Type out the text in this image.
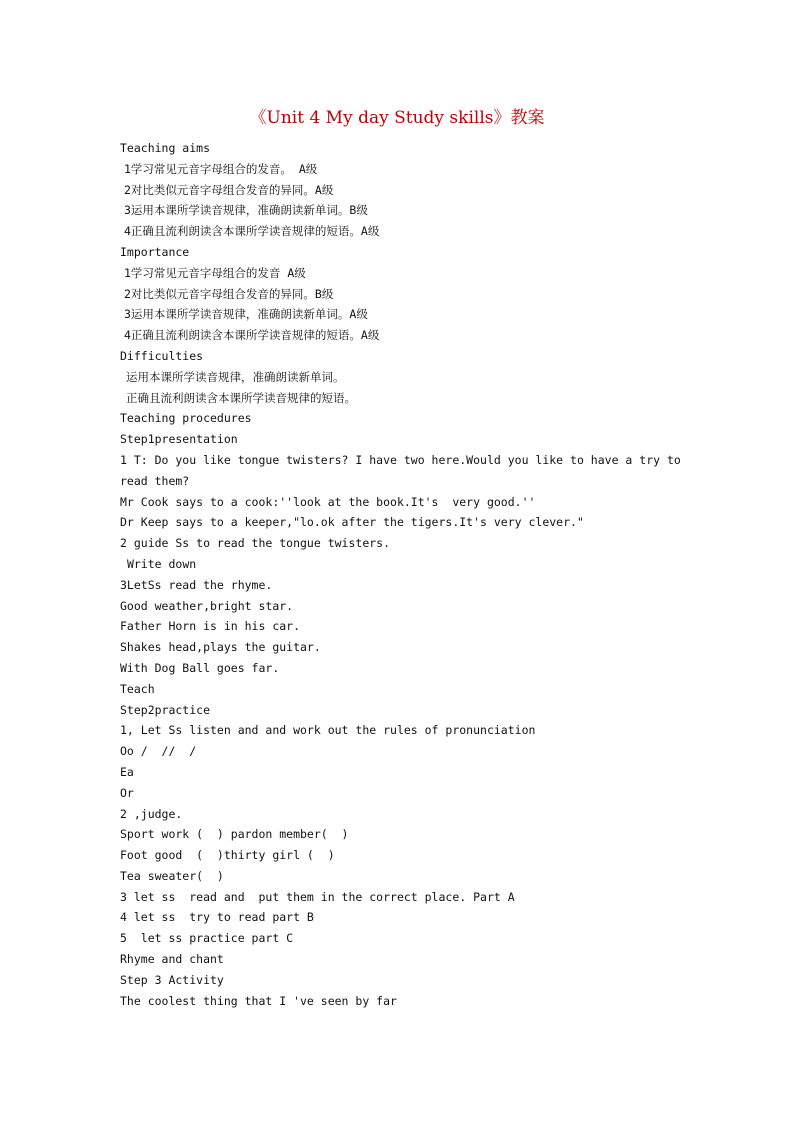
《Unit 4 My day Study skills》教案
Teaching aims
1学习常见元音字母组合的发音。 A级
2对比类似元音字母组合发音的异同。A级
3运用本课所学读音规律，准确朗读新单词。B级
4正确且流利朗读含本课所学读音规律的短语。A级
Importance
1学习常见元音字母组合的发音 A级
2对比类似元音字母组合发音的异同。B级
3运用本课所学读音规律，准确朗读新单词。A级
4正确且流利朗读含本课所学读音规律的短语。A级
Difficulties
运用本课所学读音规律，准确朗读新单词。
正确且流利朗读含本课所学读音规律的短语。
Teaching procedures
Step1presentation
1 T: Do you like tongue twisters? I have two here.Would you like to have a try to
read them?
Mr Cook says to a cook:''look at the book.It's  very good.''
Dr Keep says to a keeper,"lo.ok after the tigers.It's very clever."
2 guide Ss to read the tongue twisters.
Write down
3LetSs read the rhyme.
Good weather,bright star.
Father Horn is in his car.
Shakes head,plays the guitar.
With Dog Ball goes far.
Teach
Step2practice
1, Let Ss listen and and work out the rules of pronunciation
Oo /  //  /
Ea
Or
2 ,judge.
Sport work (  ) pardon member(  )
Foot good  (  )thirty girl (  )
Tea sweater(  )
3 let ss  read and  put them in the correct place. Part A
4 let ss  try to read part B
5  let ss practice part C
Rhyme and chant
Step 3 Activity
The coolest thing that I 've seen by far
